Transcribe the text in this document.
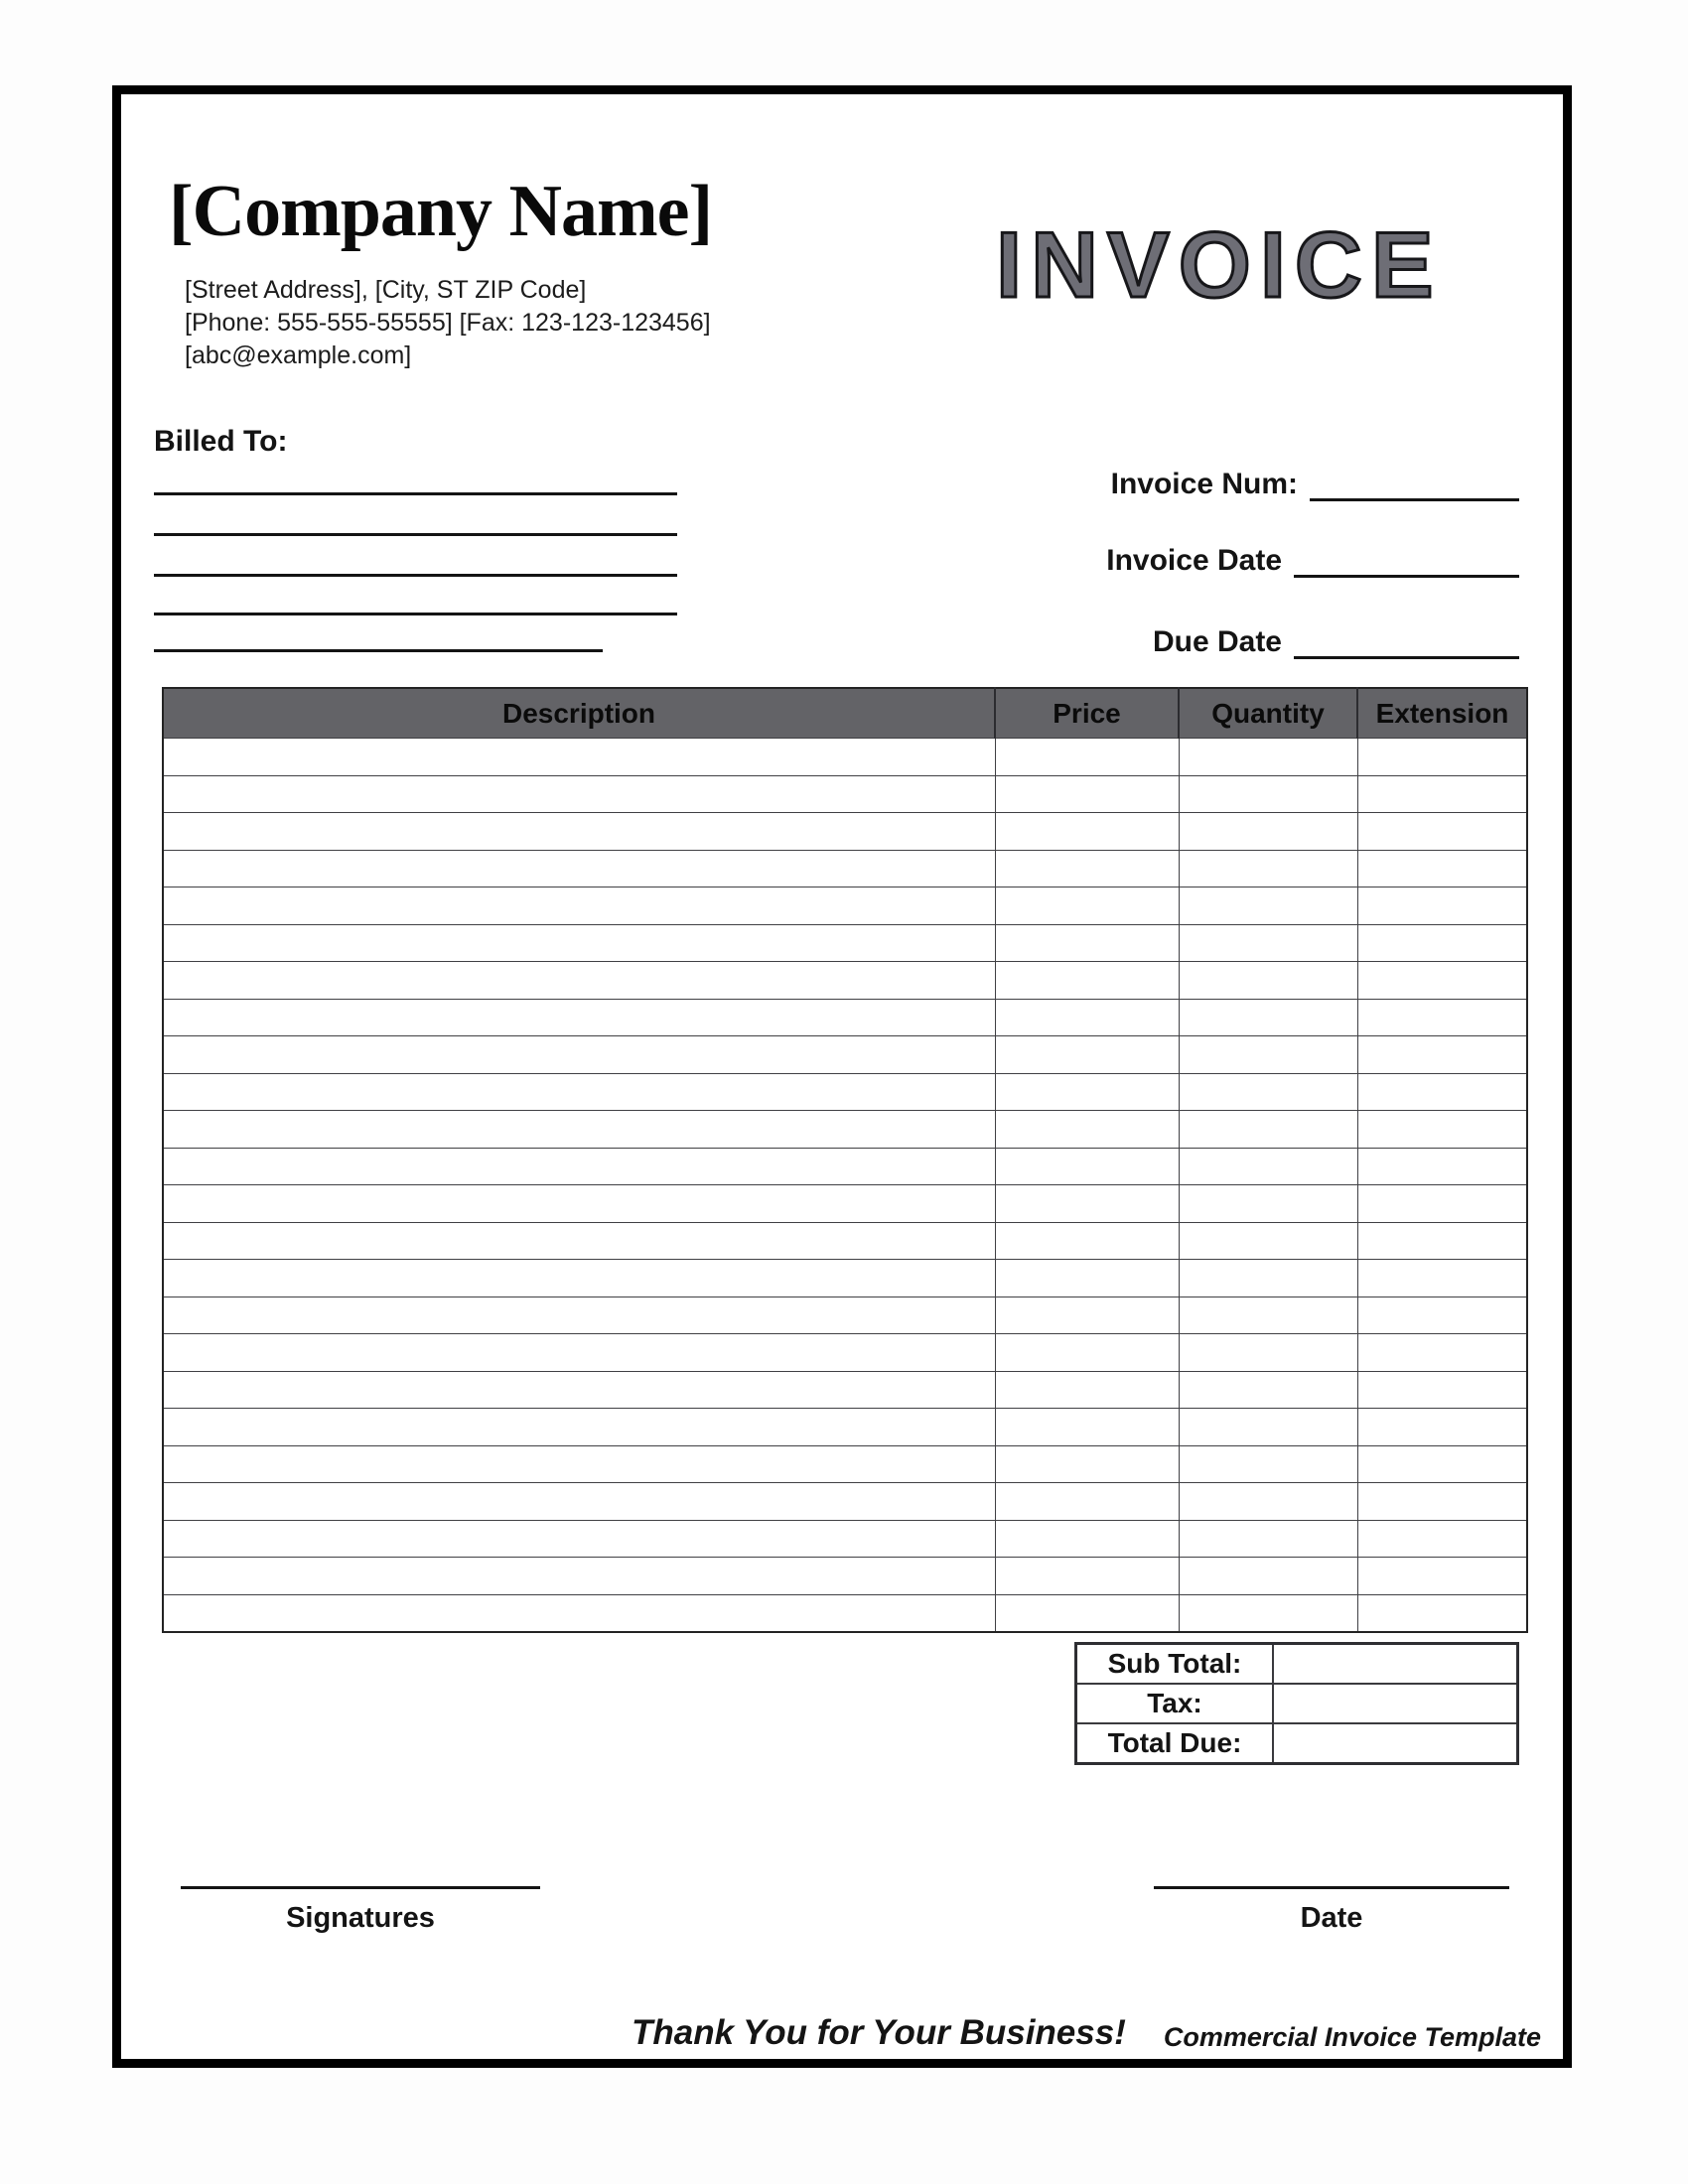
[Company Name]
[Street Address], [City, ST ZIP Code]
[Phone: 555-555-55555] [Fax: 123-123-123456]
[abc@example.com]
INVOICE
Billed To:
Invoice Num:
Invoice Date
Due Date
Description	Price	Quantity	Extension

Sub Total:	
Tax:	
Total Due:	
Signatures	Date
Thank You for Your Business! Commercial Invoice Template
